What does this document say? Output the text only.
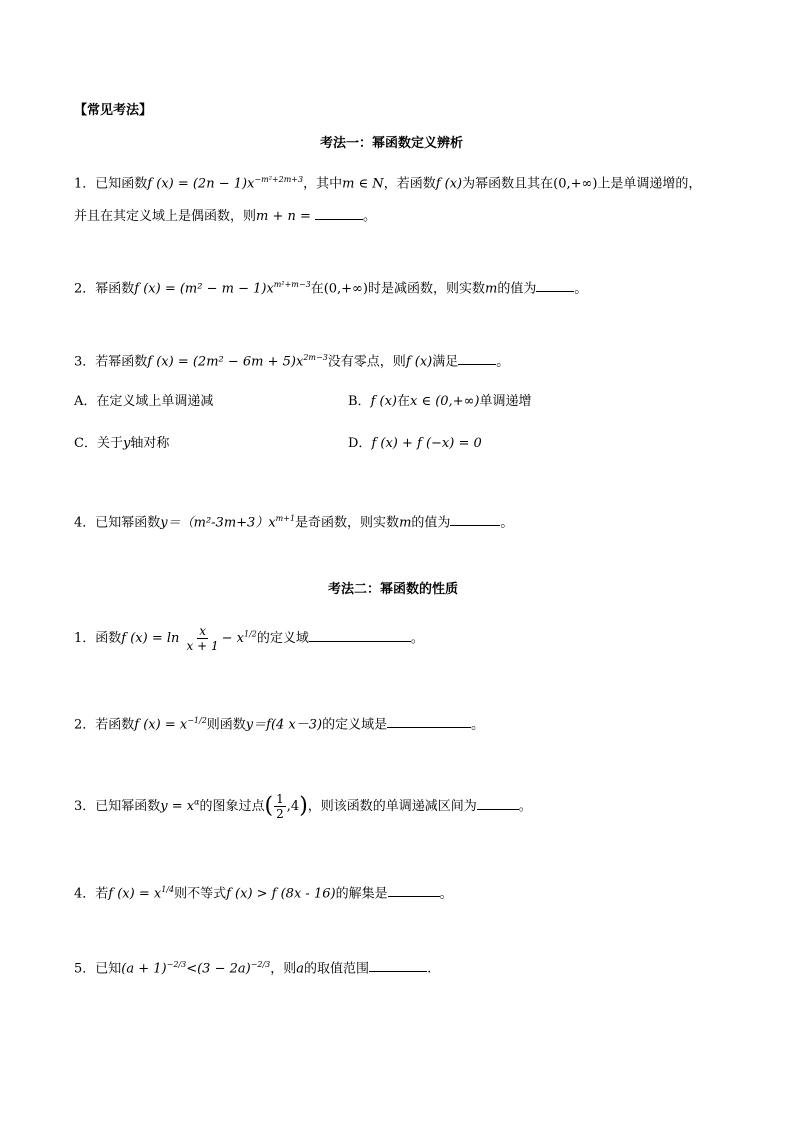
【常见考法】
考法一：幂函数定义辨析
1．已知函数f $(x) = (2n - 1)x^{-m^2+2m+3}$，其中m ∈ N，若函数f (x)为幂函数且其在(0,+∞)上是单调递增的，
并且在其定义域上是偶函数，则m + n =	。
2．幂函数f $(x) = (m^2 - m - 1)x^{m^2+m-3}$在(0,+∞)时是减函数，则实数m的值为	。
3．若幂函数f $(x) = (2m^2 - 6m + 5)x^{2m-3}$没有零点，则f (x)满足	。
A．在定义域上单调递减	B．f (x)在x ∈ (0,+∞)单调递增
C．关于y轴对称	D．f (x) + f (−x) = 0
4．已知幂函数$y=(m^2-3m+3)x^{m+1}$是奇函数，则实数m的值为	。
考法二：幂函数的性质
1．函数f $(x) = \ln \frac{x}{x + 1} - x^{1/2}$的定义域	。
2．若函数f $(x) = x^{-1/2}$则函数y＝f(4 x－3)的定义域是	。
3．已知幂函数$y = x^\alpha$的图象过点( $\frac{1}{2} ,4$)，则该函数的单调递减区间为	。
4．若f $(x) = x^{1/4}$则不等式f (x) > f (8x - 16)的解集是	。
5．已知$(a + 1)^{-2/3}<(3 - 2a)^{-2/3}$，则a的取值范围	.
